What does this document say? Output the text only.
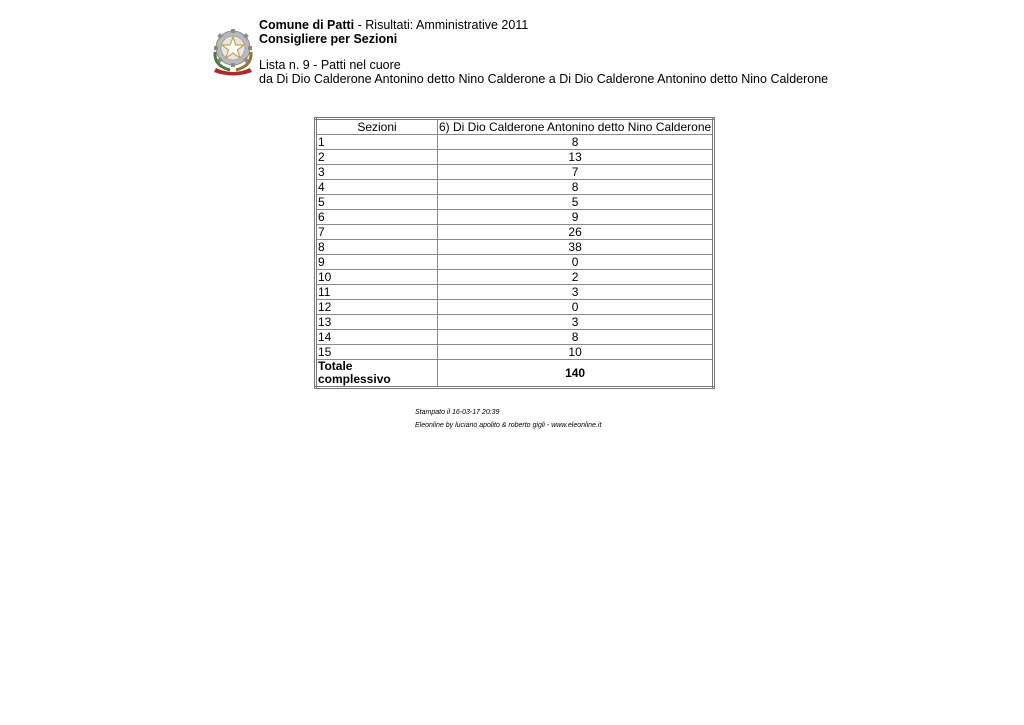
Comune di Patti - Risultati: Amministrative 2011
Consigliere per Sezioni
Lista n. 9 - Patti nel cuore
da Di Dio Calderone Antonino detto Nino Calderone a Di Dio Calderone Antonino detto Nino Calderone
Sezioni	6) Di Dio Calderone Antonino detto Nino Calderone
1	8
2	13
3	7
4	8
5	5
6	9
7	26
8	38
9	0
10	2
11	3
12	0
13	3
14	8
15	10
Totale
complessivo	140
Stampato il 16-03-17 20:39
Eleonline by luciano apolito & roberto gigli - www.eleonline.it
